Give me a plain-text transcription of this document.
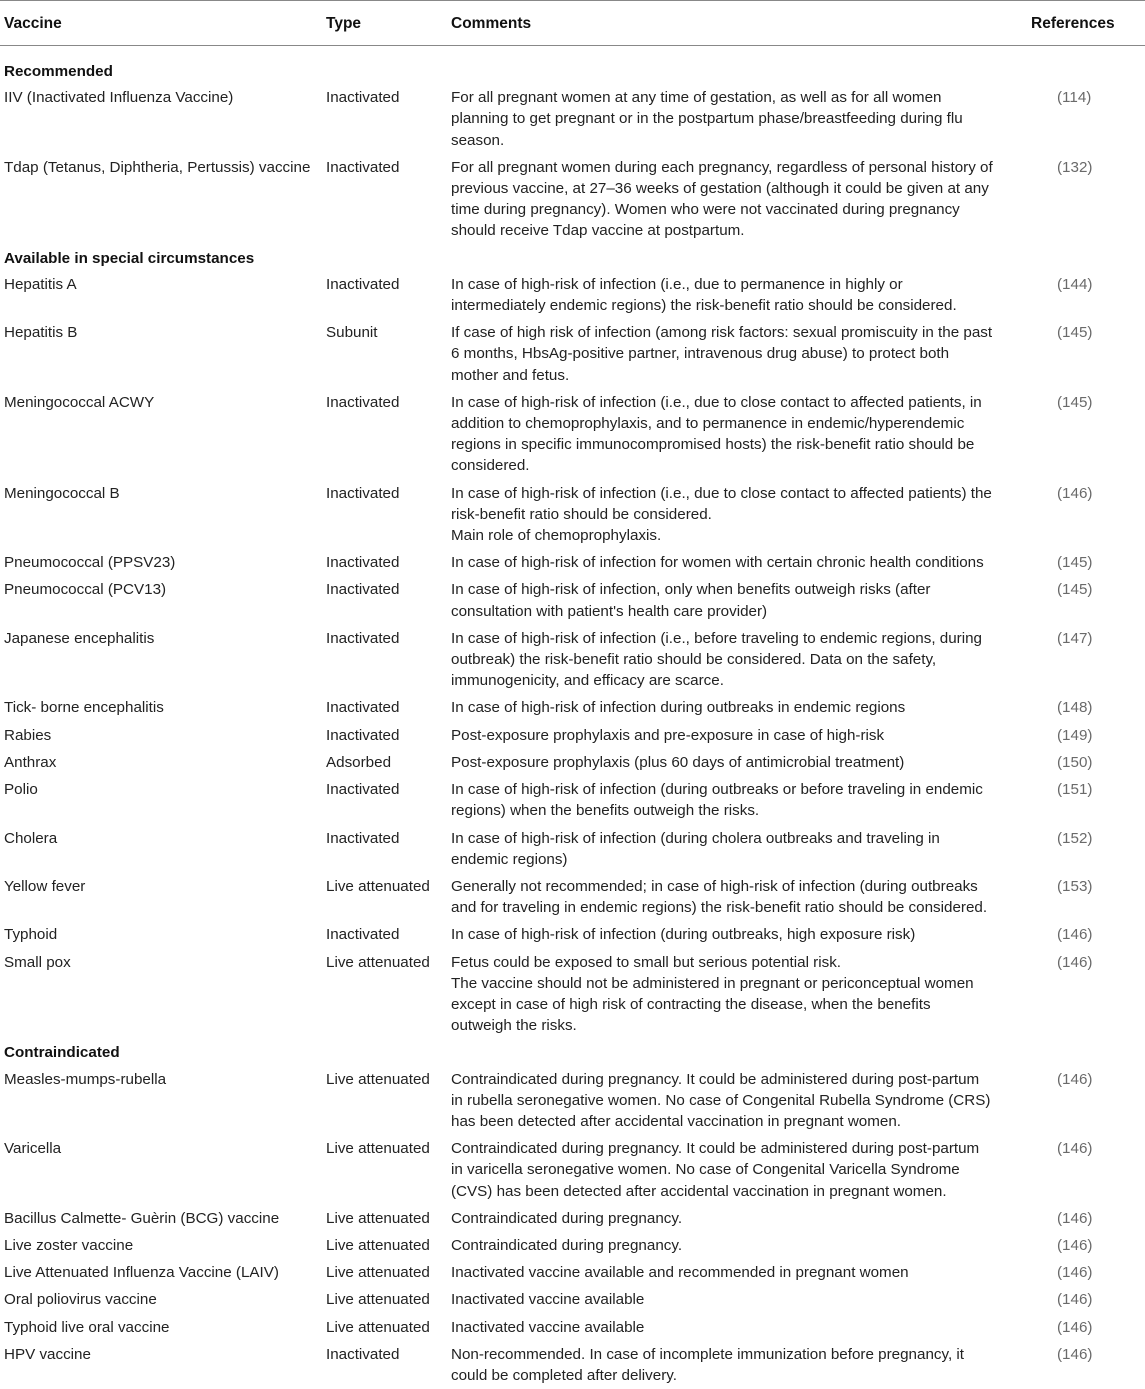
Vaccine	Type	Comments	References
Recommended
IIV (Inactivated Influenza Vaccine)	Inactivated	For all pregnant women at any time of gestation, as well as for all women
planning to get pregnant or in the postpartum phase/breastfeeding during flu
season.
(114)
Tdap (Tetanus, Diphtheria, Pertussis) vaccine	Inactivated	For all pregnant women during each pregnancy, regardless of personal history of
previous vaccine, at 27–36 weeks of gestation (although it could be given at any
time during pregnancy). Women who were not vaccinated during pregnancy
should receive Tdap vaccine at postpartum.
(132)
Available in special circumstances
Hepatitis A	Inactivated	In case of high-risk of infection (i.e., due to permanence in highly or
intermediately endemic regions) the risk-benefit ratio should be considered.
(144)
Hepatitis B	Subunit	If case of high risk of infection (among risk factors: sexual promiscuity in the past
6 months, HbsAg-positive partner, intravenous drug abuse) to protect both
mother and fetus.
(145)
Meningococcal ACWY	Inactivated	In case of high-risk of infection (i.e., due to close contact to affected patients, in
addition to chemoprophylaxis, and to permanence in endemic/hyperendemic
regions in specific immunocompromised hosts) the risk-benefit ratio should be
considered.
(145)
Meningococcal B	Inactivated	In case of high-risk of infection (i.e., due to close contact to affected patients) the
risk-benefit ratio should be considered.
Main role of chemoprophylaxis.
(146)
Pneumococcal (PPSV23)	Inactivated	In case of high-risk of infection for women with certain chronic health conditions	(145)
Pneumococcal (PCV13)	Inactivated	In case of high-risk of infection, only when benefits outweigh risks (after
consultation with patient's health care provider)
(145)
Japanese encephalitis	Inactivated	In case of high-risk of infection (i.e., before traveling to endemic regions, during
outbreak) the risk-benefit ratio should be considered. Data on the safety,
immunogenicity, and efficacy are scarce.
(147)
Tick- borne encephalitis	Inactivated	In case of high-risk of infection during outbreaks in endemic regions	(148)
Rabies	Inactivated	Post-exposure prophylaxis and pre-exposure in case of high-risk	(149)
Anthrax	Adsorbed	Post-exposure prophylaxis (plus 60 days of antimicrobial treatment)	(150)
Polio	Inactivated	In case of high-risk of infection (during outbreaks or before traveling in endemic
regions) when the benefits outweigh the risks.
(151)
Cholera	Inactivated	In case of high-risk of infection (during cholera outbreaks and traveling in
endemic regions)
(152)
Yellow fever	Live attenuated	Generally not recommended; in case of high-risk of infection (during outbreaks
and for traveling in endemic regions) the risk-benefit ratio should be considered.
(153)
Typhoid	Inactivated	In case of high-risk of infection (during outbreaks, high exposure risk)	(146)
Small pox	Live attenuated	Fetus could be exposed to small but serious potential risk.
The vaccine should not be administered in pregnant or periconceptual women
except in case of high risk of contracting the disease, when the benefits
outweigh the risks.
(146)
Contraindicated
Measles-mumps-rubella	Live attenuated	Contraindicated during pregnancy. It could be administered during post-partum
in rubella seronegative women. No case of Congenital Rubella Syndrome (CRS)
has been detected after accidental vaccination in pregnant women.
(146)
Varicella	Live attenuated	Contraindicated during pregnancy. It could be administered during post-partum
in varicella seronegative women. No case of Congenital Varicella Syndrome
(CVS) has been detected after accidental vaccination in pregnant women.
(146)
Bacillus Calmette- Guèrin (BCG) vaccine	Live attenuated	Contraindicated during pregnancy.	(146)
Live zoster vaccine	Live attenuated	Contraindicated during pregnancy.	(146)
Live Attenuated Influenza Vaccine (LAIV)	Live attenuated	Inactivated vaccine available and recommended in pregnant women	(146)
Oral poliovirus vaccine	Live attenuated	Inactivated vaccine available	(146)
Typhoid live oral vaccine	Live attenuated	Inactivated vaccine available	(146)
HPV vaccine	Inactivated	Non-recommended. In case of incomplete immunization before pregnancy, it
could be completed after delivery.
(146)
